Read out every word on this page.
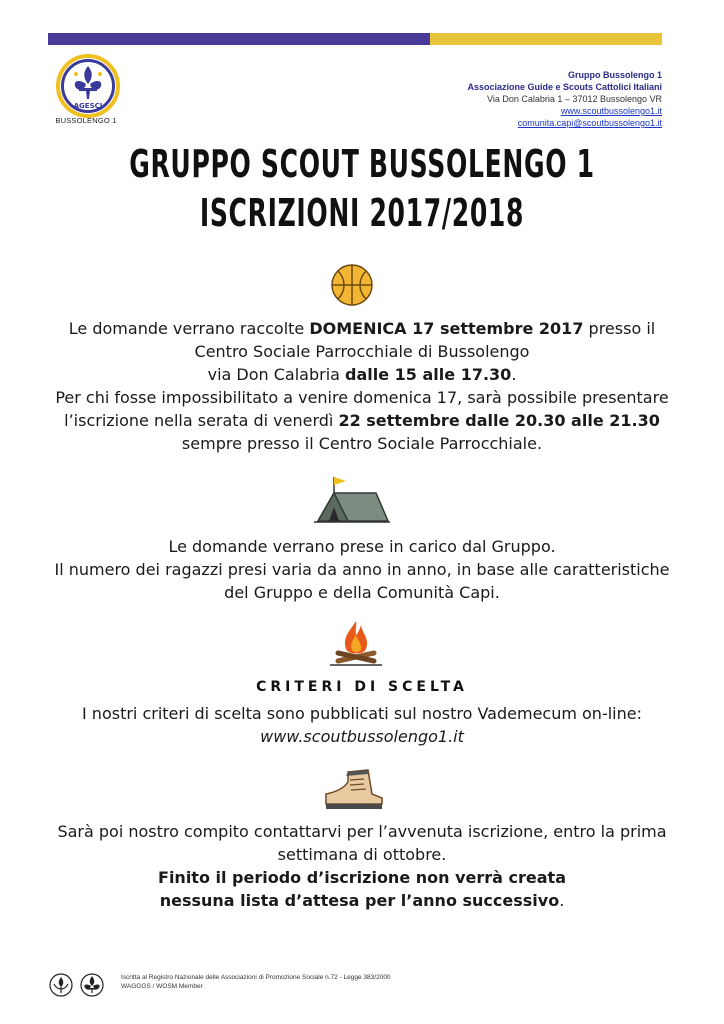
AGESCI
BUSSOLENGO 1
Gruppo Bussolengo 1
Associazione Guide e Scouts Cattolici Italiani
Via Don Calabria 1 – 37012 Bussolengo VR
www.scoutbussolengo1.it
comunita.capi@scoutbussolengo1.it
GRUPPO SCOUT BUSSOLENGO 1
ISCRIZIONI 2017/2018
Le domande verrano raccolte DOMENICA 17 settembre 2017 presso il
Centro Sociale Parrocchiale di Bussolengo
via Don Calabria dalle 15 alle 17.30.
Per chi fosse impossibilitato a venire domenica 17, sarà possibile presentare
l’iscrizione nella serata di venerdì 22 settembre dalle 20.30 alle 21.30
sempre presso il Centro Sociale Parrocchiale.
Le domande verrano prese in carico dal Gruppo.
Il numero dei ragazzi presi varia da anno in anno, in base alle caratteristiche
del Gruppo e della Comunità Capi.
CRITERI DI SCELTA
I nostri criteri di scelta sono pubblicati sul nostro Vademecum on-line:
www.scoutbussolengo1.it
Sarà poi nostro compito contattarvi per l’avvenuta iscrizione, entro la prima
settimana di ottobre.
Finito il periodo d’iscrizione non verrà creata
nessuna lista d’attesa per l’anno successivo.
Iscritta al Registro Nazionale delle Associazioni di Promozione Sociale n.72 - Legge 383/2000
WAGGGS / WOSM Member
